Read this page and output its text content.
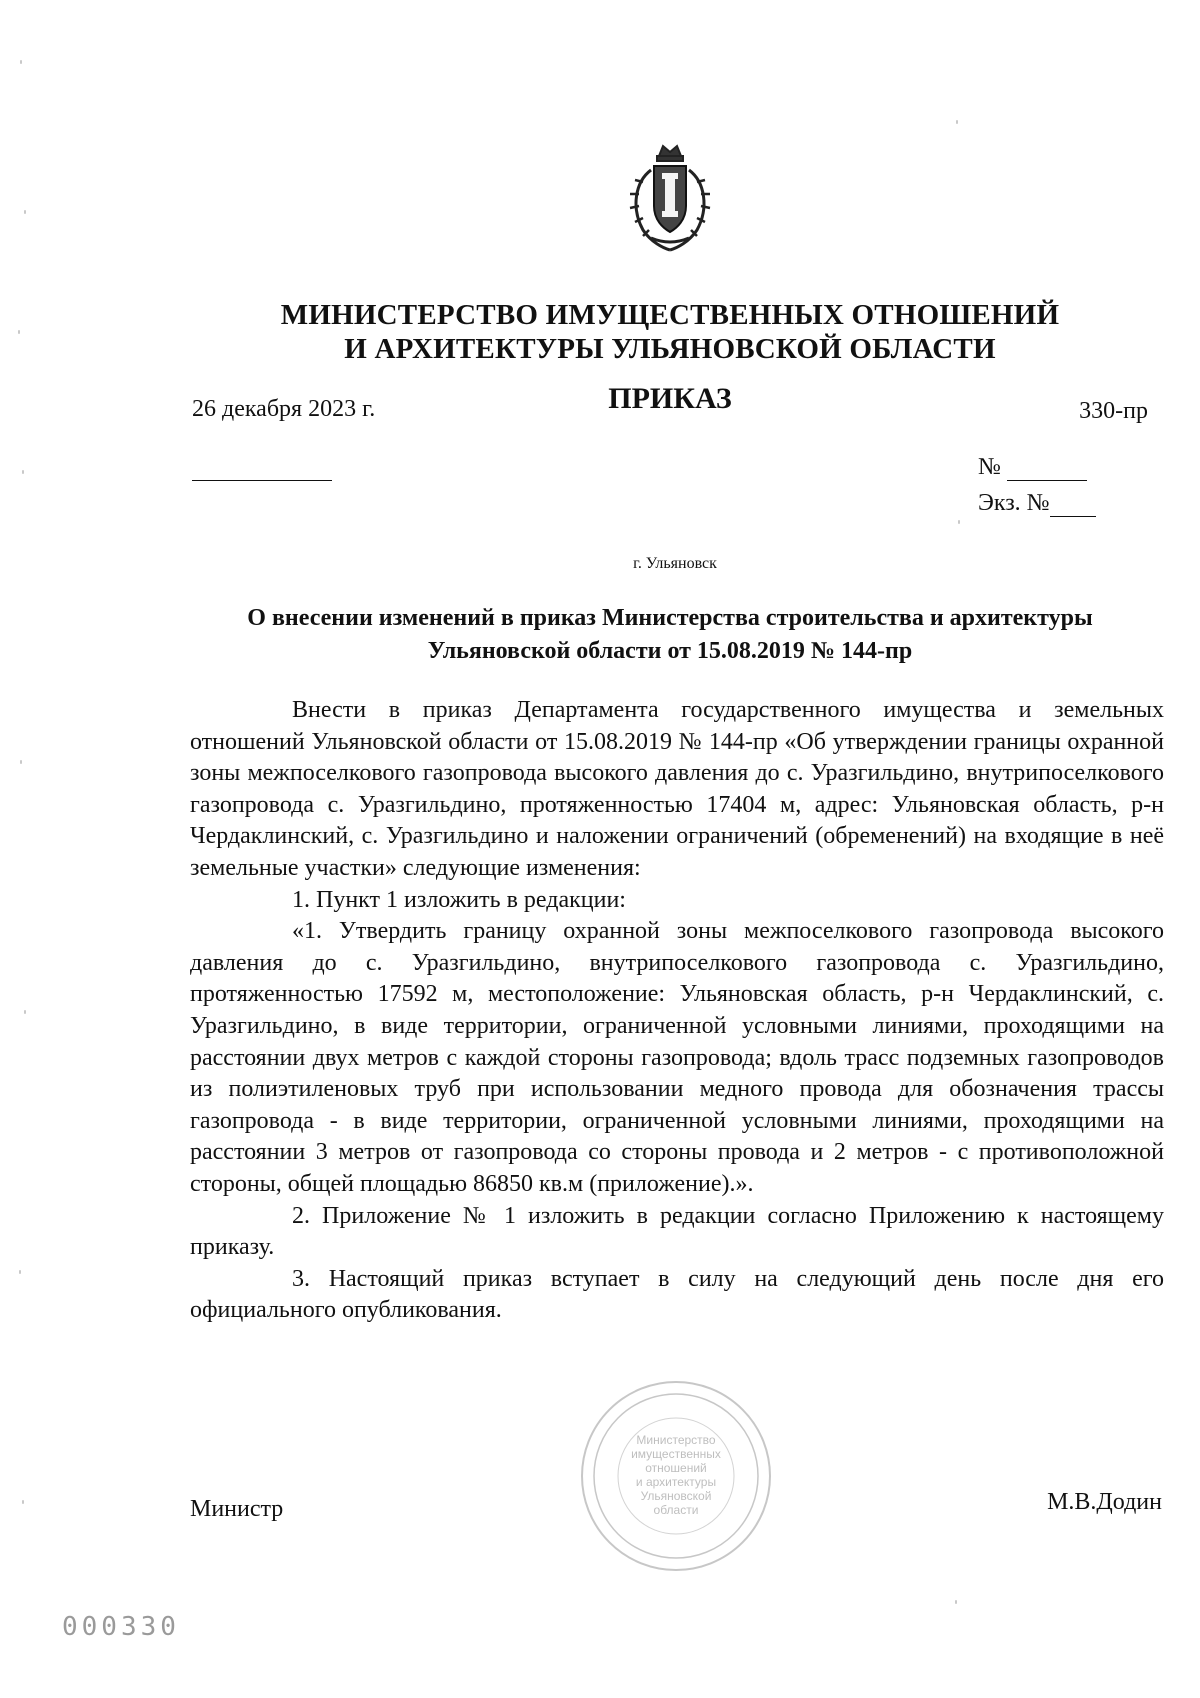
МИНИСТЕРСТВО ИМУЩЕСТВЕННЫХ ОТНОШЕНИЙ
И АРХИТЕКТУРЫ УЛЬЯНОВСКОЙ ОБЛАСТИ
ПРИКАЗ
26 декабря 2023 г.	330-пр
№
Экз. №
г. Ульяновск
О внесении изменений в приказ Министерства строительства и архитектуры
Ульяновской области от 15.08.2019 № 144-пр

Внести в приказ Департамента государственного имущества и земельных отношений Ульяновской области от 15.08.2019 № 144-пр «Об утверждении границы охранной зоны межпоселкового газопровода высокого давления до с. Уразгильдино, внутрипоселкового газопровода с. Уразгильдино, протяженностью 17404 м, адрес: Ульяновская область, р-н Чердаклинский, с. Уразгильдино и наложении ограничений (обременений) на входящие в неё земельные участки» следующие изменения:

1. Пункт 1 изложить в редакции:

«1. Утвердить границу охранной зоны межпоселкового газопровода высокого давления до с. Уразгильдино, внутрипоселкового газопровода с. Уразгильдино, протяженностью 17592 м, местоположение: Ульяновская область, р-н Чердаклинский, с. Уразгильдино, в виде территории, ограниченной условными линиями, проходящими на расстоянии двух метров с каждой стороны газопровода; вдоль трасс подземных газопроводов из полиэтиленовых труб при использовании медного провода для обозначения трассы газопровода - в виде территории, ограниченной условными линиями, проходящими на расстоянии 3 метров от газопровода со стороны провода и 2 метров - с противоположной стороны, общей площадью 86850 кв.м (приложение).».

2. Приложение № 1 изложить в редакции согласно Приложению к настоящему приказу.

3. Настоящий приказ вступает в силу на следующий день после дня его официального опубликования.

Министерство
имущественных
отношений
и архитектуры
Ульяновской
области
Министр	М.В.Додин
000330
